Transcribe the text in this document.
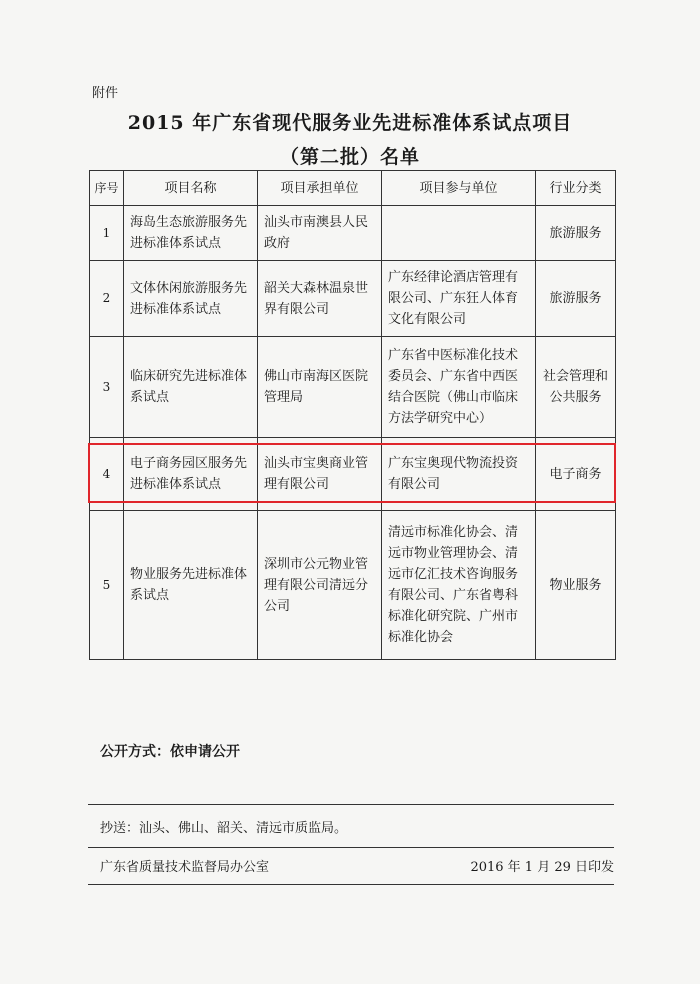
附件
2015 年广东省现代服务业先进标准体系试点项目
（第二批）名单
序号	项目名称	项目承担单位	项目参与单位	行业分类
1	海岛生态旅游服务先进标准体系试点	汕头市南澳县人民政府		旅游服务
2	文体休闲旅游服务先进标准体系试点	韶关大森林温泉世界有限公司	广东经律论酒店管理有限公司、广东狂人体育文化有限公司	旅游服务
3	临床研究先进标准体系试点	佛山市南海区医院管理局	广东省中医标准化技术委员会、广东省中西医结合医院（佛山市临床方法学研究中心）	社会管理和公共服务
4	电子商务园区服务先进标准体系试点	汕头市宝奥商业管理有限公司	广东宝奥现代物流投资有限公司	电子商务
5	物业服务先进标准体系试点	深圳市公元物业管理有限公司清远分公司	清远市标准化协会、清远市物业管理协会、清远市亿汇技术咨询服务有限公司、广东省粤科标准化研究院、广州市标准化协会	物业服务
公开方式：依申请公开
抄送：汕头、佛山、韶关、清远市质监局。
广东省质量技术监督局办公室	2016 年 1 月 29 日印发
